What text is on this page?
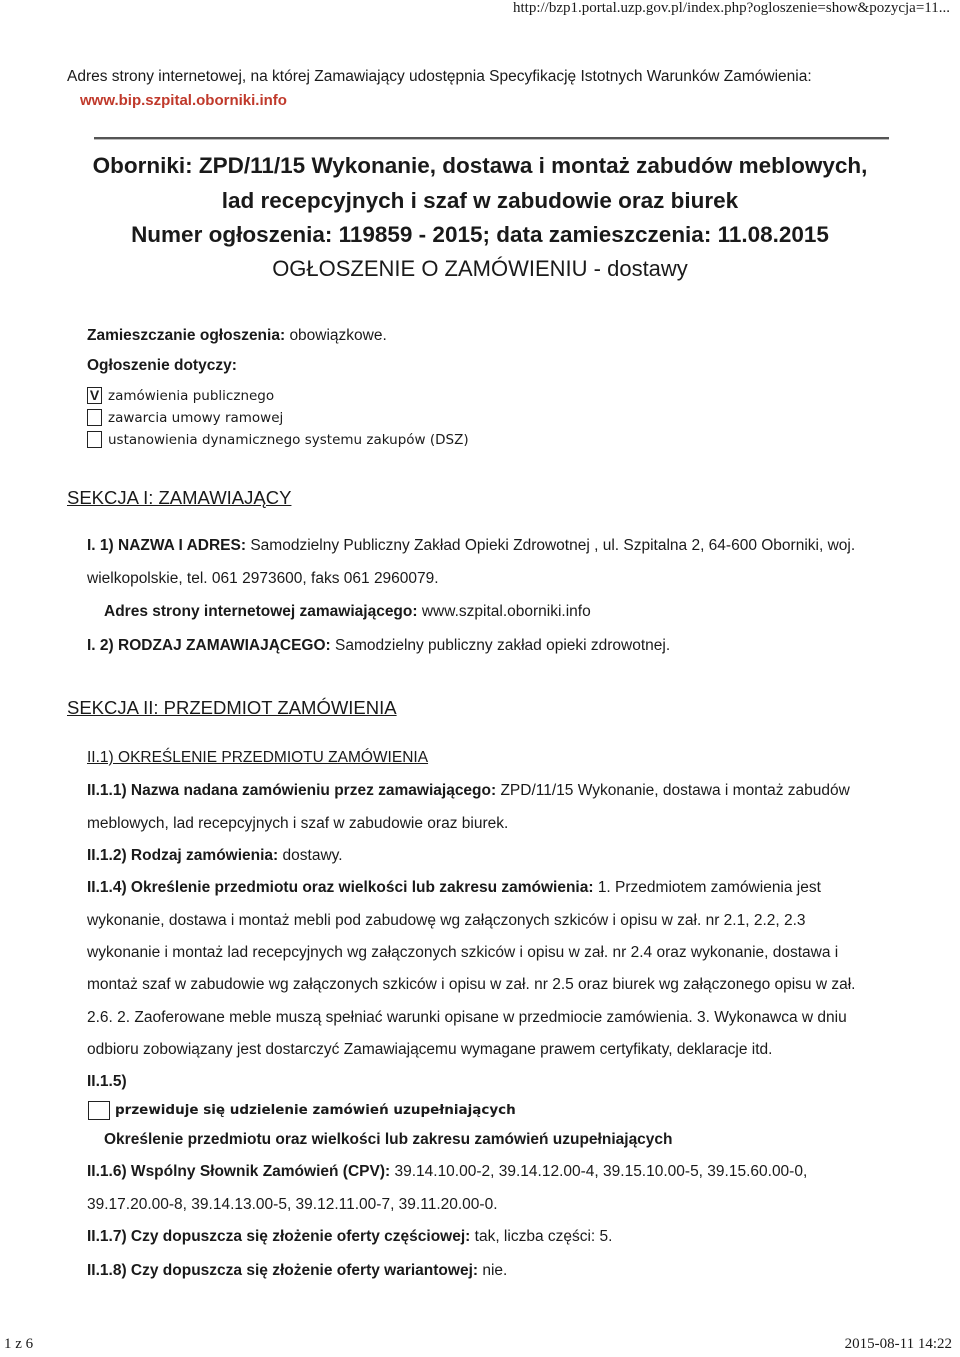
http://bzp1.portal.uzp.gov.pl/index.php?ogloszenie=show&pozycja=11...
Adres strony internetowej, na której Zamawiający udostępnia Specyfikację Istotnych Warunków Zamówienia:
www.bip.szpital.oborniki.info
Oborniki: ZPD/11/15 Wykonanie, dostawa i montaż zabudów meblowych,
lad recepcyjnych i szaf w zabudowie oraz biurek
Numer ogłoszenia: 119859 - 2015; data zamieszczenia: 11.08.2015
OGŁOSZENIE O ZAMÓWIENIU - dostawy
Zamieszczanie ogłoszenia: obowiązkowe.
Ogłoszenie dotyczy:
V zamówienia publicznego
zawarcia umowy ramowej
ustanowienia dynamicznego systemu zakupów (DSZ)
SEKCJA I: ZAMAWIAJĄCY
I. 1) NAZWA I ADRES: Samodzielny Publiczny Zakład Opieki Zdrowotnej , ul. Szpitalna 2, 64-600 Oborniki, woj.
wielkopolskie, tel. 061 2973600, faks 061 2960079.
Adres strony internetowej zamawiającego: www.szpital.oborniki.info
I. 2) RODZAJ ZAMAWIAJĄCEGO: Samodzielny publiczny zakład opieki zdrowotnej.
SEKCJA II: PRZEDMIOT ZAMÓWIENIA
II.1) OKREŚLENIE PRZEDMIOTU ZAMÓWIENIA
II.1.1) Nazwa nadana zamówieniu przez zamawiającego: ZPD/11/15 Wykonanie, dostawa i montaż zabudów
meblowych, lad recepcyjnych i szaf w zabudowie oraz biurek.
II.1.2) Rodzaj zamówienia: dostawy.
II.1.4) Określenie przedmiotu oraz wielkości lub zakresu zamówienia: 1. Przedmiotem zamówienia jest
wykonanie, dostawa i montaż mebli pod zabudowę wg załączonych szkiców i opisu w zał. nr 2.1, 2.2, 2.3
wykonanie i montaż lad recepcyjnych wg załączonych szkiców i opisu w zał. nr 2.4 oraz wykonanie, dostawa i
montaż szaf w zabudowie wg załączonych szkiców i opisu w zał. nr 2.5 oraz biurek wg załączonego opisu w zał.
2.6. 2. Zaoferowane meble muszą spełniać warunki opisane w przedmiocie zamówienia. 3. Wykonawca w dniu
odbioru zobowiązany jest dostarczyć Zamawiającemu wymagane prawem certyfikaty, deklaracje itd.
II.1.5)
przewiduje się udzielenie zamówień uzupełniających
Określenie przedmiotu oraz wielkości lub zakresu zamówień uzupełniających
II.1.6) Wspólny Słownik Zamówień (CPV): 39.14.10.00-2, 39.14.12.00-4, 39.15.10.00-5, 39.15.60.00-0,
39.17.20.00-8, 39.14.13.00-5, 39.12.11.00-7, 39.11.20.00-0.
II.1.7) Czy dopuszcza się złożenie oferty częściowej: tak, liczba części: 5.
II.1.8) Czy dopuszcza się złożenie oferty wariantowej: nie.
1 z 6	2015-08-11 14:22
